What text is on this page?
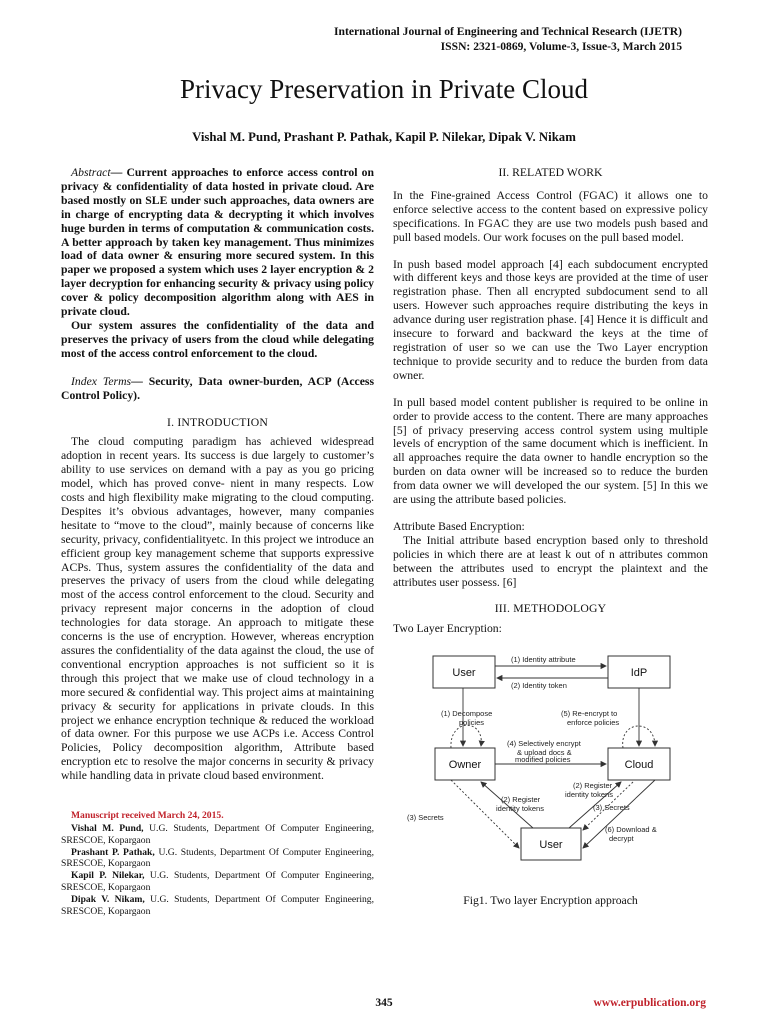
International Journal of Engineering and Technical Research (IJETR)
ISSN: 2321-0869, Volume-3, Issue-3, March 2015
Privacy Preservation in Private Cloud
Vishal M. Pund, Prashant P. Pathak, Kapil P. Nilekar, Dipak V. Nikam

Abstract— Current approaches to enforce access control on privacy & confidentiality of data hosted in private cloud. Are based mostly on SLE under such approaches, data owners are in charge of encrypting data & decrypting it which involves huge burden in terms of computation & communication costs. A better approach by taken key management. Thus minimizes load of data owner & ensuring more secured system. In this paper we proposed a system which uses 2 layer encryption & 2 layer decryption for enhancing security & privacy using policy cover & policy decomposition algorithm along with AES in private cloud.

Our system assures the confidentiality of the data and preserves the privacy of users from the cloud while delegating most of the access control enforcement to the cloud.

Index Terms— Security, Data owner-burden, ACP (Access Control Policy).

I. INTRODUCTION

The cloud computing paradigm has achieved widespread adoption in recent years. Its success is due largely to customer’s ability to use services on demand with a pay as you go pricing model, which has proved conve- nient in many respects. Low costs and high flexibility make migrating to the cloud computing. Despites it’s obvious advantages, however, many companies hesitate to “move to the cloud”, mainly because of concerns like security, privacy, confidentialityetc. In this project we introduce an efficient group key management scheme that supports expressive ACPs. Thus, system assures the confidentiality of the data and preserves the privacy of users from the cloud while delegating most of the access control enforcement to the cloud. Security and privacy represent major concerns in the adoption of cloud technologies for data storage. An approach to mitigate these concerns is the use of encryption. However, whereas encryption assures the confidentiality of the data against the cloud, the use of conventional encryption approaches is not sufficient so it is through this project that we make use of cloud technology in a more secured & confidential way. This project aims at maintaining privacy & security for applications in private clouds. In this project we enhance encryption technique & reduced the workload of data owner. For this purpose we use ACPs i.e. Access Control Policies, Policy decomposition algorithm, Attribute based encryption etc to resolve the major concerns in security & privacy while handling data in private cloud based environment.

Manuscript received March 24, 2015.

Vishal M. Pund, U.G. Students, Department Of Computer Engineering, SRESCOE, Kopargaon

Prashant P. Pathak, U.G. Students, Department Of Computer Engineering, SRESCOE, Kopargaon

Kapil P. Nilekar, U.G. Students, Department Of Computer Engineering, SRESCOE, Kopargaon

Dipak V. Nikam, U.G. Students, Department Of Computer Engineering, SRESCOE, Kopargaon

II. RELATED WORK

In the Fine-grained Access Control (FGAC) it allows one to enforce selective access to the content based on expressive policy specifications. In FGAC they are use two models push based and pull based models. Our work focuses on the pull based model.

In push based model approach [4] each subdocument encrypted with different keys and those keys are provided at the time of user registration phase. Then all encrypted subdocument send to all users. However such approaches require distributing the keys in advance during user registration phase. [4] Hence it is difficult and insecure to forward and backward the keys at the time of registration of user so we can use the Two Layer encryption technique to provide security and to reduce the burden from data owner.

In pull based model content publisher is required to be online in order to provide access to the content. There are many approaches [5] of privacy preserving access control system using multiple levels of encryption of the same document which is inefficient. In all approaches require the data owner to handle encryption so the burden on data owner will be increased so to reduce the burden from data owner we will developed the our system. [5] In this we are using the attribute based policies.

Attribute Based Encryption:

The Initial attribute based encryption based only to threshold policies in which there are at least k out of n attributes common between the attributes used to encrypt the plaintext and the attributes user possess. [6]

III. METHODOLOGY

Two Layer Encryption:

User	IdP
Owner	Cloud
User
(1) Identity attribute
(2) Identity token
(1) Decompose
policies
(5) Re-encrypt to
enforce policies
(4) Selectively encrypt
& upload docs &
modified policies
(2) Register
identity tokens
(2) Register
identity tokens
(3) Secrets
(3) Secrets
(6) Download &
decrypt
Fig1. Two layer Encryption approach
345	www.erpublication.org
